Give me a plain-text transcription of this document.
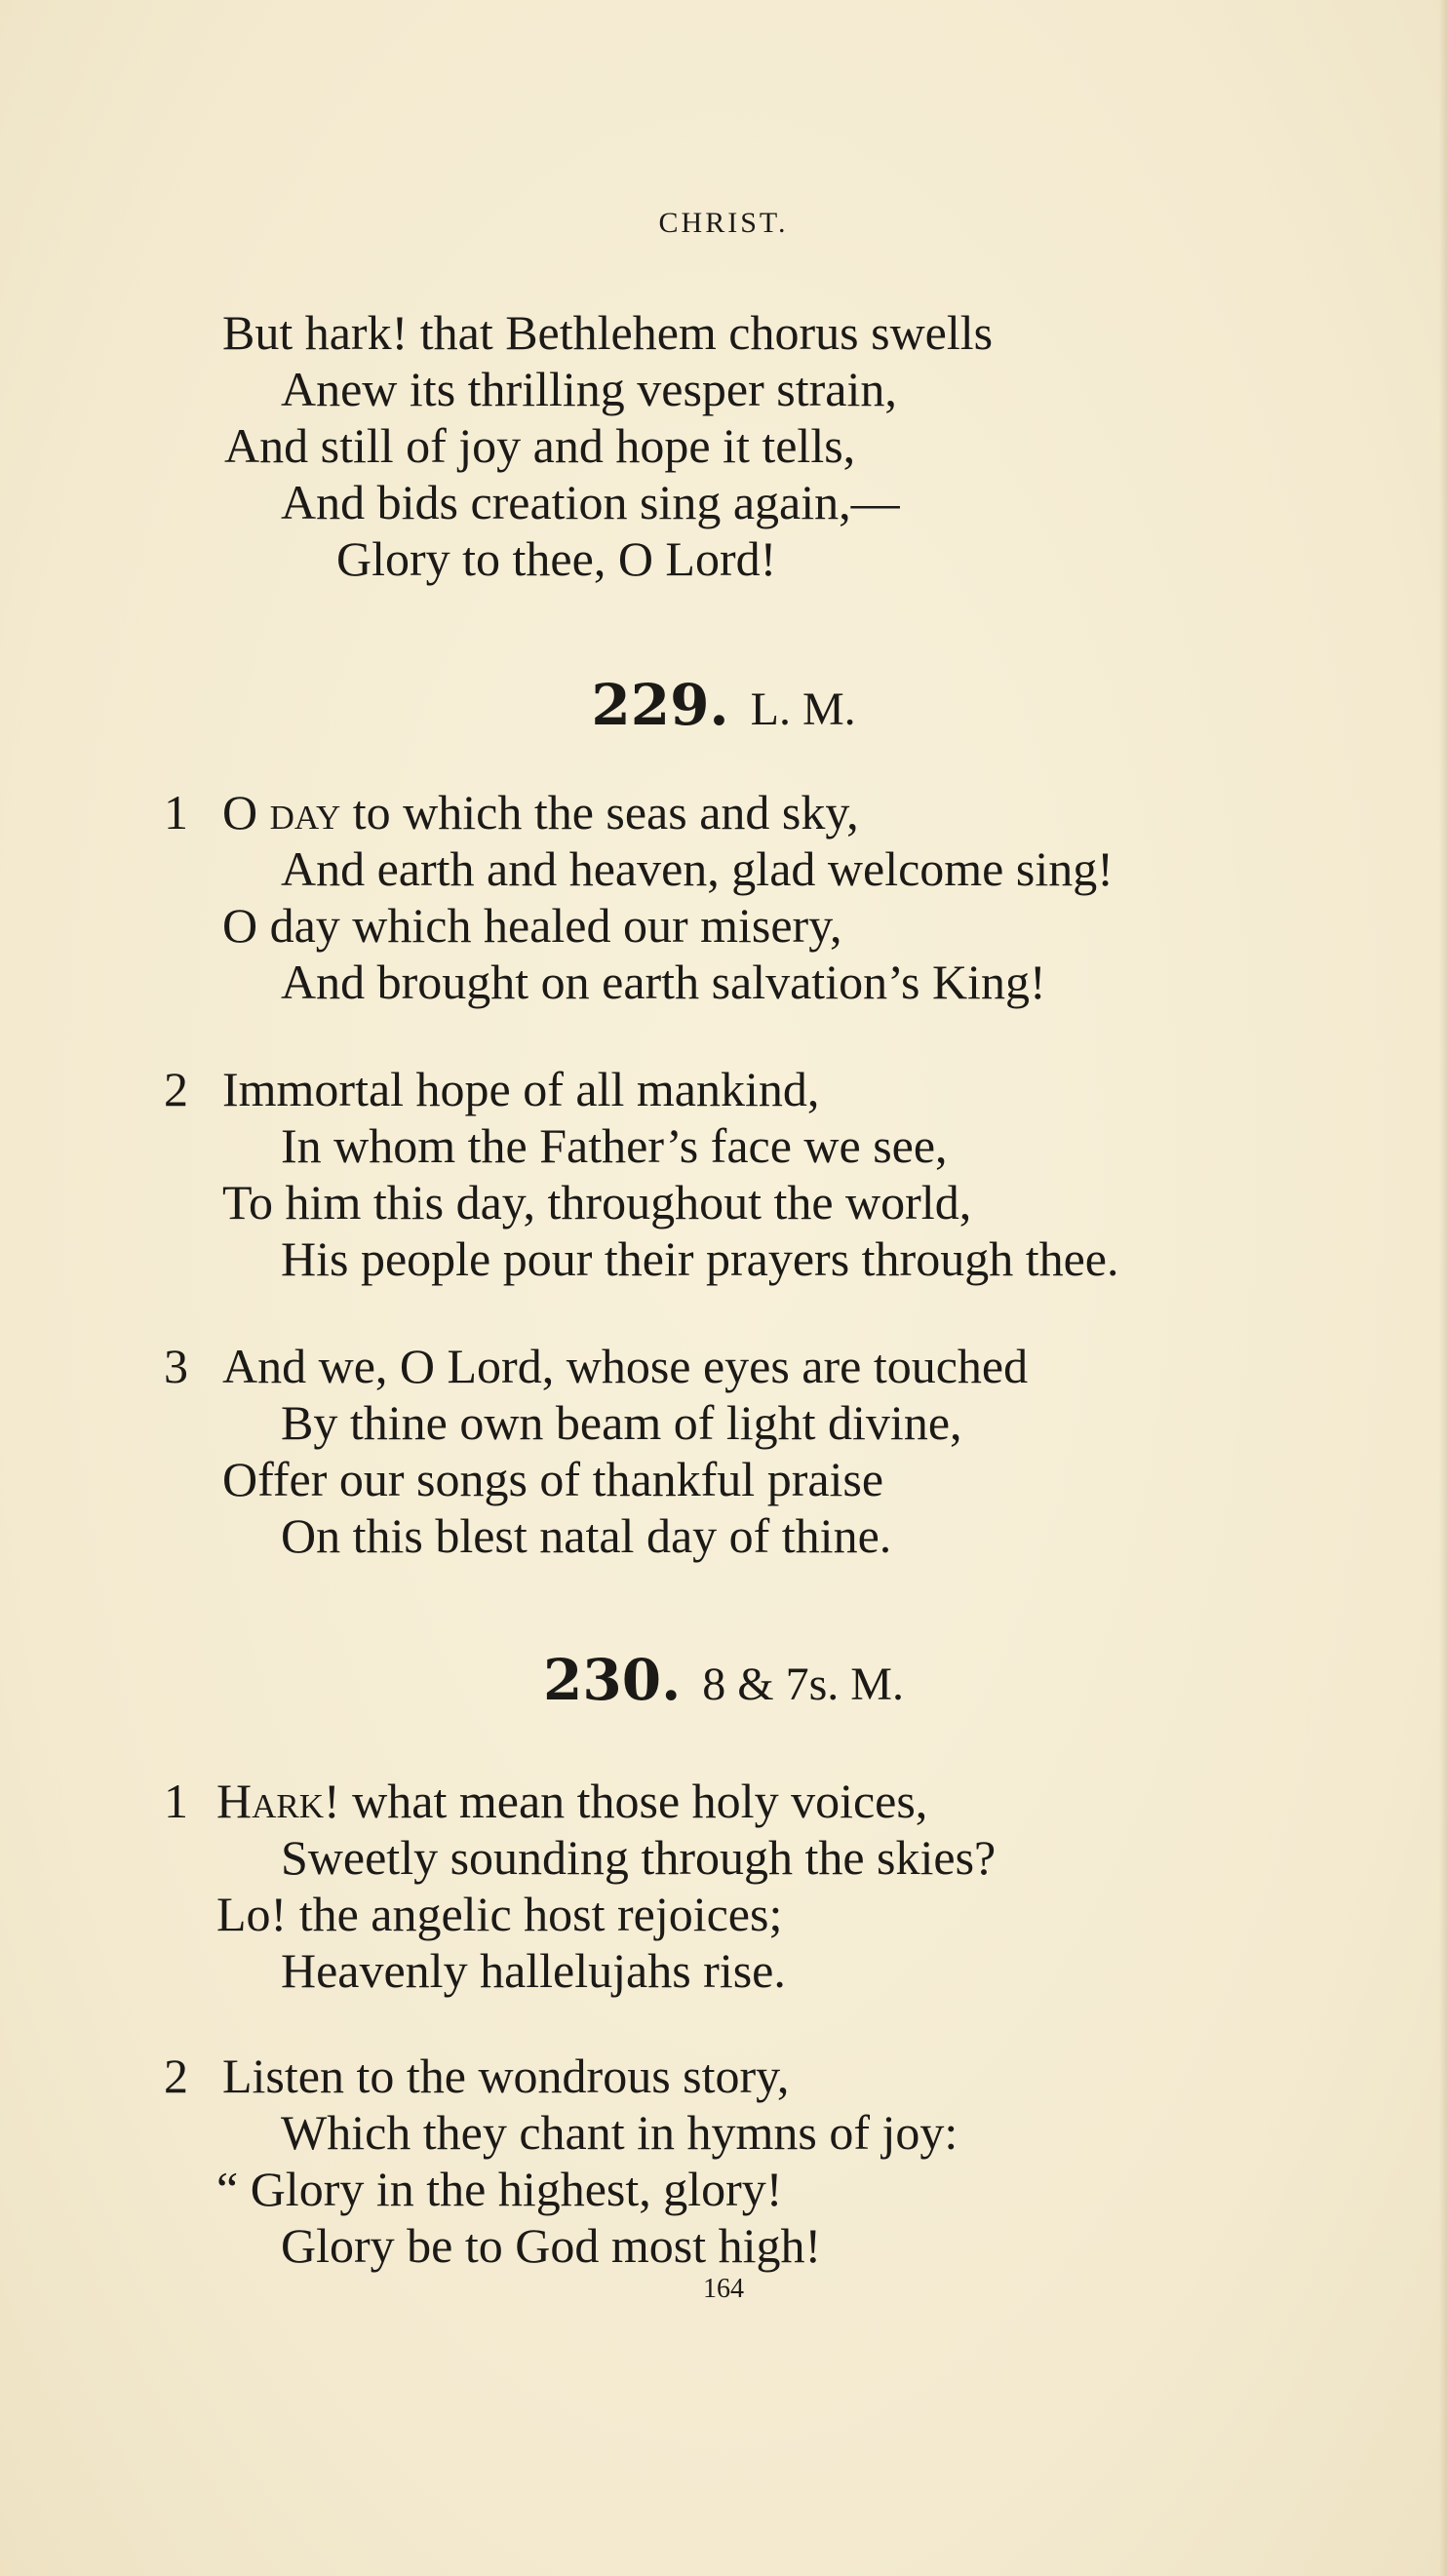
CHRIST.
But hark! that Bethlehem chorus swells
Anew its thrilling vesper strain,
And still of joy and hope it tells,
And bids creation sing again,—
Glory to thee, O Lord!
229. L. M.
1 O day to which the seas and sky,
And earth and heaven, glad welcome sing!
O day which healed our misery,
And brought on earth salvation’s King!
2 Immortal hope of all mankind,
In whom the Father’s face we see,
To him this day, throughout the world,
His people pour their prayers through thee.
3 And we, O Lord, whose eyes are touched
By thine own beam of light divine,
Offer our songs of thankful praise
On this blest natal day of thine.
230. 8 & 7s. M.
1 Hark! what mean those holy voices,
Sweetly sounding through the skies?
Lo! the angelic host rejoices;
Heavenly hallelujahs rise.
2 Listen to the wondrous story,
Which they chant in hymns of joy:
“ Glory in the highest, glory!
Glory be to God most high!
164
